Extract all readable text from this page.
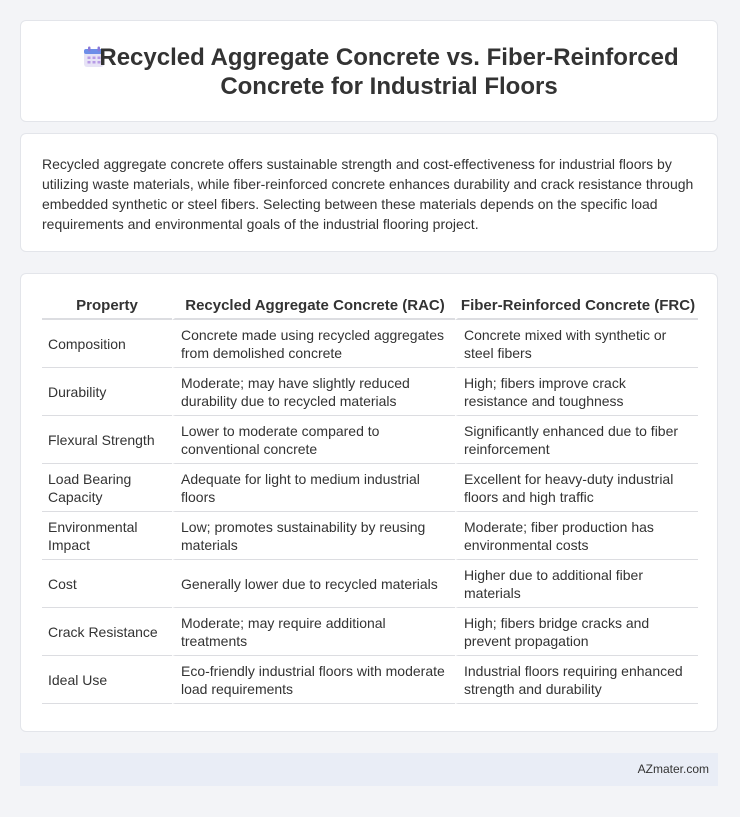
Recycled Aggregate Concrete vs. Fiber-Reinforced Concrete for Industrial Floors

Recycled aggregate concrete offers sustainable strength and cost-effectiveness for industrial floors by utilizing waste materials, while fiber-reinforced concrete enhances durability and crack resistance through embedded synthetic or steel fibers. Selecting between these materials depends on the specific load requirements and environmental goals of the industrial flooring project.

Property	Recycled Aggregate Concrete (RAC)	Fiber-Reinforced Concrete (FRC)
Composition	Concrete made using recycled aggregates from demolished concrete	Concrete mixed with synthetic or steel fibers
Durability	Moderate; may have slightly reduced durability due to recycled materials	High; fibers improve crack resistance and toughness
Flexural Strength	Lower to moderate compared to conventional concrete	Significantly enhanced due to fiber reinforcement
Load Bearing Capacity	Adequate for light to medium industrial floors	Excellent for heavy-duty industrial floors and high traffic
Environmental Impact	Low; promotes sustainability by reusing materials	Moderate; fiber production has environmental costs
Cost	Generally lower due to recycled materials	Higher due to additional fiber materials
Crack Resistance	Moderate; may require additional treatments	High; fibers bridge cracks and prevent propagation
Ideal Use	Eco-friendly industrial floors with moderate load requirements	Industrial floors requiring enhanced strength and durability
AZmater.com
